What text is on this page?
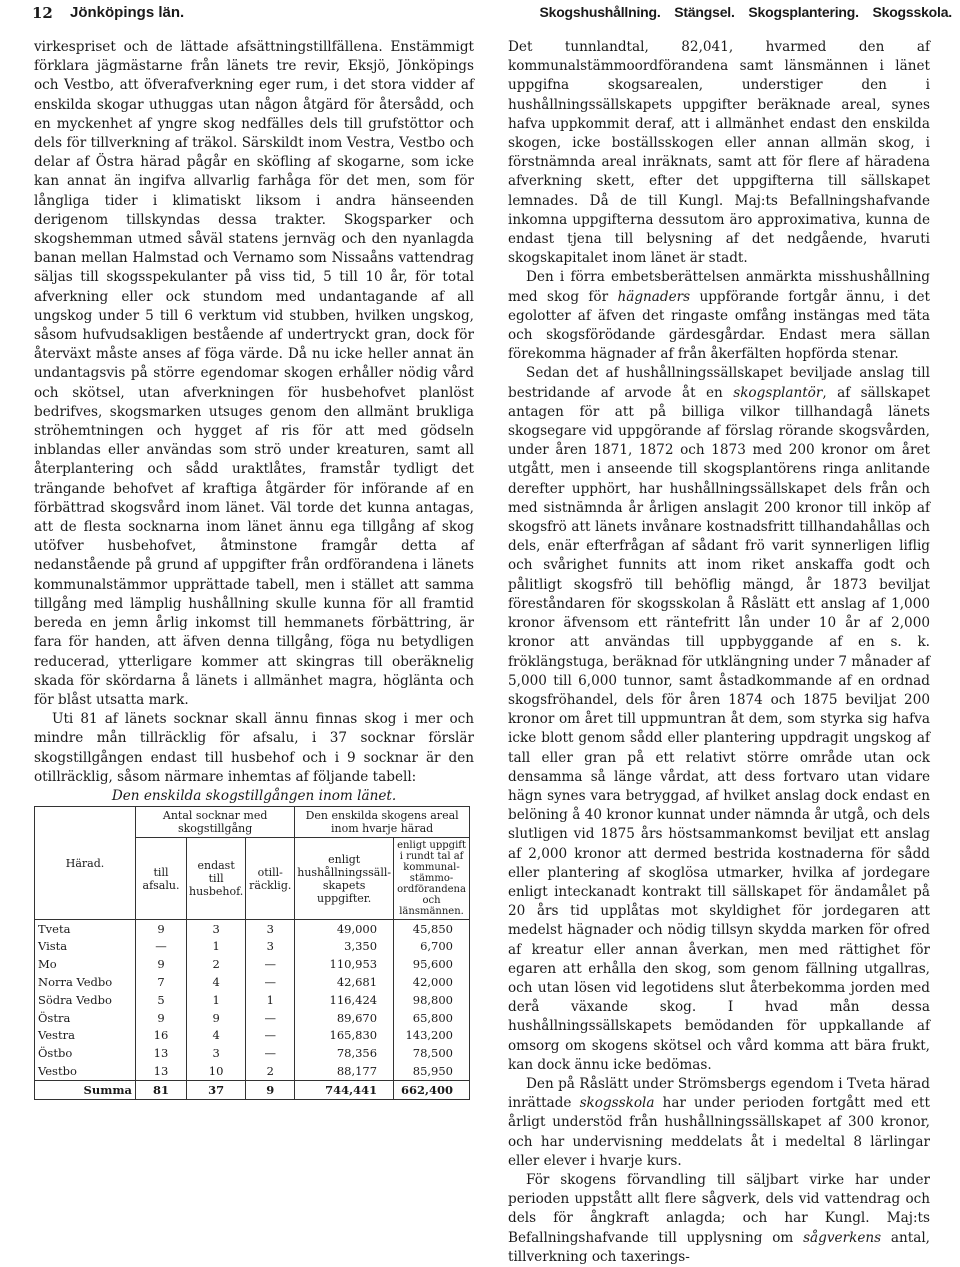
12 Jönköpings län.	Skogshushållning. Stängsel. Skogsplantering. Skogsskola.

virkespriset och de lättade afsättningstillfällena. Enstämmigt förklara jägmästarne från länets tre revir, Eksjö, Jönköpings och Vestbo, att öfverafverkning eger rum, i det stora vidder af enskilda skogar uthuggas utan någon åtgärd för återsådd, och en myckenhet af yngre skog nedfälles dels till grufstöttor och dels för tillverkning af träkol. Särskildt inom Vestra, Vestbo och delar af Östra härad pågår en sköfling af skogarne, som icke kan annat än ingifva allvarlig farhåga för det men, som för långliga tider i klimatiskt liksom i andra hänseenden derigenom tillskyndas dessa trakter. Skogsparker och skogshemman utmed såväl statens jernväg och den nyanlagda banan mellan Halmstad och Vernamo som Nissaåns vattendrag säljas till skogsspekulanter på viss tid, 5 till 10 år, för total afverkning eller ock stundom med undantagande af all ungskog under 5 till 6 verktum vid stubben, hvilken ungskog, såsom hufvudsakligen bestående af undertryckt gran, dock för återväxt måste anses af föga värde. Då nu icke heller annat än undantagsvis på större egendomar skogen erhåller nödig vård och skötsel, utan afverkningen för husbehofvet planlöst bedrifves, skogsmarken utsuges genom den allmänt brukliga ströhemtningen och hygget af ris för att med gödseln inblandas eller användas som strö under kreaturen, samt all återplantering och sådd uraktlåtes, framstår tydligt det trängande behofvet af kraftiga åtgärder för införande af en förbättrad skogsvård inom länet. Väl torde det kunna antagas, att de flesta socknarna inom länet ännu ega tillgång af skog utöfver husbehofvet, åtminstone framgår detta af nedanstående på grund af uppgifter från ordförandena i länets kommunalstämmor upprättade tabell, men i stället att samma tillgång med lämplig hushållning skulle kunna för all framtid bereda en jemn årlig inkomst till hemmanets förbättring, är fara för handen, att äfven denna tillgång, föga nu betydligen reducerad, ytterligare kommer att skingras till oberäknelig skada för skördarna å länets i allmänhet magra, höglänta och för blåst utsatta mark.

Uti 81 af länets socknar skall ännu finnas skog i mer och mindre mån tillräcklig för afsalu, i 37 socknar förslär skogstillgången endast till husbehof och i 9 socknar är den otillräcklig, såsom närmare inhemtas af följande tabell:

Den enskilda skogstillgången inom länet.

Härad.	Antal socknar med skogstillgång			Den enskilda skogens areal inom hvarje härad	
	till afsalu.	endast till husbehof.	otill-räcklig.	enligt hushållningssäll-skapets uppgifter.	enligt uppgift i rundt tal af kommunal-stämmo-ordförandena och länsmännen.
Tveta	9	3	3	49,000	45,850
Vista	—	1	3	3,350	6,700
Mo	9	2	—	110,953	95,600
Norra Vedbo	7	4	—	42,681	42,000
Södra Vedbo	5	1	1	116,424	98,800
Östra	9	9	—	89,670	65,800
Vestra	16	4	—	165,830	143,200
Östbo	13	3	—	78,356	78,500
Vestbo	13	10	2	88,177	85,950
Summa	81	37	9	744,441	662,400

Det tunnlandtal, 82,041, hvarmed den af kommunalstämmoordförandena samt länsmännen i länet uppgifna skogsarealen, understiger den i hushållningssällskapets uppgifter beräknade areal, synes hafva uppkommit deraf, att i allmänhet endast den enskilda skogen, icke boställsskogen eller annan allmän skog, i förstnämnda areal inräknats, samt att för flere af häradena afverkning skett, efter det uppgifterna till sällskapet lemnades. Då de till Kungl. Maj:ts Befallningshafvande inkomna uppgifterna dessutom äro approximativa, kunna de endast tjena till belysning af det nedgående, hvaruti skogskapitalet inom länet är stadt.

Den i förra embetsberättelsen anmärkta misshushållning med skog för hägnaders uppförande fortgår ännu, i det egolotter af äfven det ringaste omfång instängas med täta och skogsförödande gärdesgårdar. Endast mera sällan förekomma hägnader af från åkerfälten hopförda stenar.

Sedan det af hushållningssällskapet beviljade anslag till bestridande af arvode åt en skogsplantör, af sällskapet antagen för att på billiga vilkor tillhandagå länets skogsegare vid uppgörande af förslag rörande skogsvården, under åren 1871, 1872 och 1873 med 200 kronor om året utgått, men i anseende till skogsplantörens ringa anlitande derefter upphört, har hushållningssällskapet dels från och med sistnämnda år årligen anslagit 200 kronor till inköp af skogsfrö att länets invånare kostnadsfritt tillhandahållas och dels, enär efterfrågan af sådant frö varit synnerligen liflig och svårighet funnits att inom riket anskaffa godt och pålitligt skogsfrö till behöflig mängd, år 1873 beviljat föreståndaren för skogsskolan å Råslätt ett anslag af 1,000 kronor äfvensom ett räntefritt lån under 10 år af 2,000 kronor att användas till uppbyggande af en s. k. fröklängstuga, beräknad för utklängning under 7 månader af 5,000 till 6,000 tunnor, samt åstadkommande af en ordnad skogsfröhandel, dels för åren 1874 och 1875 beviljat 200 kronor om året till uppmuntran åt dem, som styrka sig hafva icke blott genom sådd eller plantering uppdragit ungskog af tall eller gran på ett relativt större område utan ock densamma så länge vårdat, att dess fortvaro utan vidare hägn synes vara betryggad, af hvilket anslag dock endast en belöning å 40 kronor kunnat under nämnda år utgå, och dels slutligen vid 1875 års höstsammankomst beviljat ett anslag af 2,000 kronor att dermed bestrida kostnaderna för sådd eller plantering af skoglösa utmarker, hvilka af jordegare enligt inteckanadt kontrakt till sällskapet för ändamålet på 20 års tid upplåtas mot skyldighet för jordegaren att medelst hägnader och nödig tillsyn skydda marken för ofred af kreatur eller annan åverkan, men med rättighet för egaren att erhålla den skog, som genom fällning utgallras, och utan lösen vid legotidens slut återbekomma jorden med derå växande skog. I hvad mån dessa hushållningssällskapets bemödanden för uppkallande af omsorg om skogens skötsel och vård komma att bära frukt, kan dock ännu icke bedömas.

Den på Råslätt under Strömsbergs egendom i Tveta härad inrättade skogsskola har under perioden fortgått med ett årligt understöd från hushållningssällskapet af 300 kronor, och har undervisning meddelats åt i medeltal 8 lärlingar eller elever i hvarje kurs.

För skogens förvandling till säljbart virke har under perioden uppstått allt flere sågverk, dels vid vattendrag och dels för ångkraft anlagda; och har Kungl. Maj:ts Befallningshafvande till upplysning om sågverkens antal, tillverkning och taxerings-
